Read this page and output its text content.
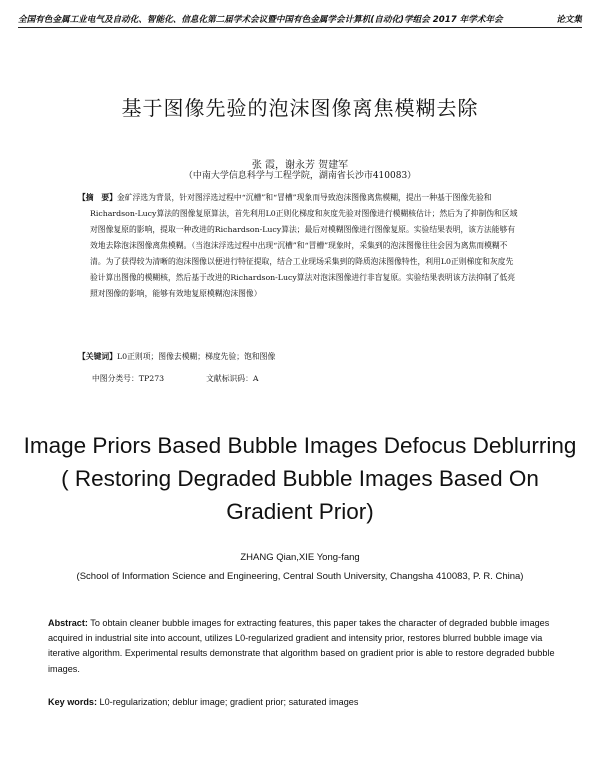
全国有色金属工业电气及自动化、智能化、信息化第二届学术会议暨中国有色金属学会计算机(自动化)学组会 2017 年学术年会	论文集
基于图像先验的泡沫图像离焦模糊去除
张 霞，谢永芳 贺建军
（中南大学信息科学与工程学院，湖南省长沙市410083）
【摘　要】金矿浮选为背景，针对图浮选过程中“沉槽”和“冒槽”现象而导致泡沫图像离焦模糊，提出一种基于图像先验和Richardson-Lucy算法的图像复原算法，首先利用L0正则化梯度和灰度先验对图像进行模糊核估计；然后为了抑制伪和区域对图像复原的影响，提取一种改进的Richardson-Lucy算法；最后对模糊图像进行图像复原。实验结果表明，该方法能够有效地去除泡沫图像离焦模糊。（当泡沫浮选过程中出现“沉槽”和“冒槽”现象时，采集到的泡沫图像往往会因为离焦而模糊不清。为了获得较为清晰的泡沫图像以便进行特征提取，结合工业现场采集到的降质泡沫图像特性，利用L0正则梯度和灰度先验计算出图像的模糊核，然后基于改进的Richardson-Lucy算法对泡沫图像进行非盲复原。实验结果表明该方法抑制了低亮照对图像的影响，能够有效地复原模糊泡沫图像）
【关键词】L0正则项；图像去模糊；梯度先验；饱和图像
中图分类号：TP273	文献标识码：A
Image Priors Based Bubble Images Defocus Deblurring
( Restoring Degraded Bubble Images Based On
Gradient Prior)
ZHANG Qian,XIE Yong-fang
(School of Information Science and Engineering, Central South University, Changsha 410083, P. R. China)
Abstract: To obtain cleaner bubble images for extracting features, this paper takes the character of degraded bubble images acquired in industrial site into account, utilizes L0-regularized gradient and intensity prior, restores blurred bubble image via iterative algorithm. Experimental results demonstrate that algorithm based on gradient prior is able to restore degraded bubble images.
Key words: L0-regularization; deblur image; gradient prior; saturated images
